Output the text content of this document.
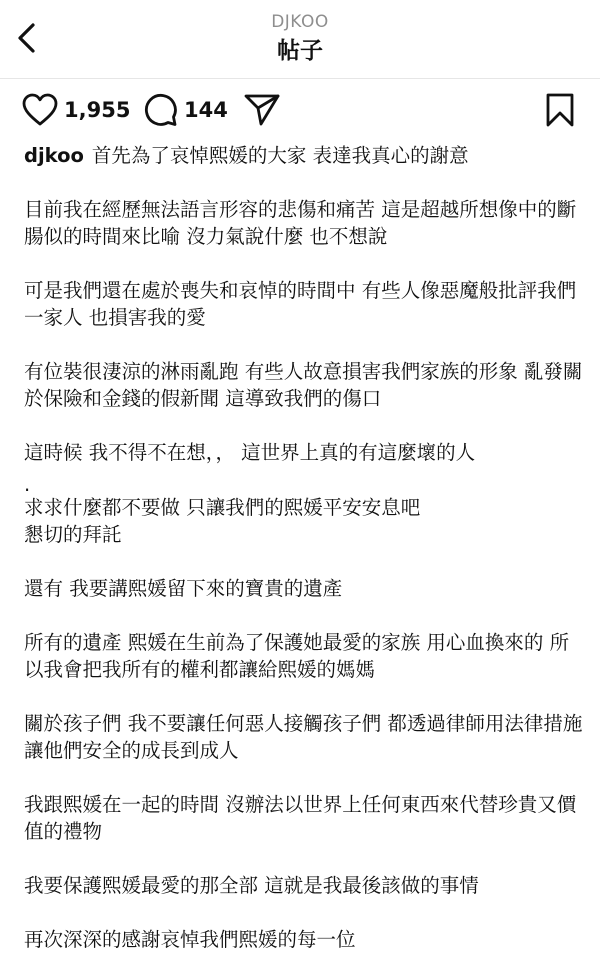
DJKOO
帖子
1,955	144

djkoo 首先為了哀悼熙媛的大家 表達我真心的謝意

目前我在經歷無法語言形容的悲傷和痛苦 這是超越所想像中的斷腸似的時間來比喻 沒力氣說什麼 也不想說

可是我們還在處於喪失和哀悼的時間中 有些人像惡魔般批評我們一家人 也損害我的愛

有位裝很淒涼的淋雨亂跑 有些人故意損害我們家族的形象 亂發關於保險和金錢的假新聞 這導致我們的傷口

這時候 我不得不在想，， 這世界上真的有這麼壞的人

.

求求什麼都不要做 只讓我們的熙媛平安安息吧
懇切的拜託

還有 我要講熙媛留下來的寶貴的遺產

所有的遺產 熙媛在生前為了保護她最愛的家族 用心血換來的 所以我會把我所有的權利都讓給熙媛的媽媽

關於孩子們 我不要讓任何惡人接觸孩子們 都透過律師用法律措施讓他們安全的成長到成人

我跟熙媛在一起的時間 沒辦法以世界上任何東西來代替珍貴又價值的禮物

我要保護熙媛最愛的那全部 這就是我最後該做的事情

再次深深的感謝哀悼我們熙媛的每一位
